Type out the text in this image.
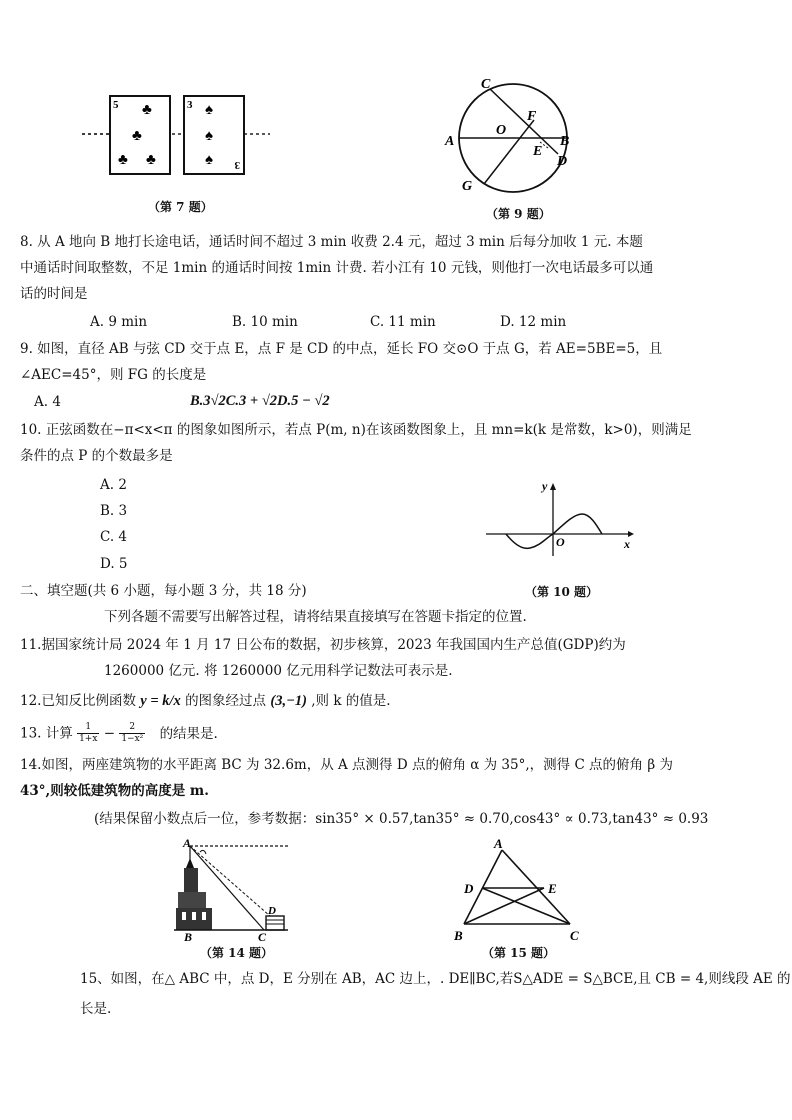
5	3
3
♣
♣
♣ ♣
♠
♠
♠
（第 7 题）
C
O
F
A	B
E
D
G
（第 9 题）
8. 从 A 地向 B 地打长途电话，通话时间不超过 3 min 收费 2.4 元，超过 3 min 后每分加收 1 元. 本题
中通话时间取整数，不足 1min 的通话时间按 1min 计费. 若小江有 10 元钱，则他打一次电话最多可以通
话的时间是
A. 9 min	B. 10 min	C. 11 min	D. 12 min
9. 如图，直径 AB 与弦 CD 交于点 E，点 F 是 CD 的中点，延长 FO 交⊙O 于点 G，若 AE=5BE=5，且
∠AEC=45°，则 FG 的长度是
A. 4	B.3√2C.3 + √2D.5 − √2
10. 正弦函数在−π<x<π 的图象如图所示，若点 P(m, n)在该函数图象上，且 mn=k(k 是常数，k>0)，则满足
条件的点 P 的个数最多是
A. 2
B. 3
C. 4
D. 5
y
O	x
（第 10 题）
二、填空题(共 6 小题，每小题 3 分，共 18 分)
下列各题不需要写出解答过程，请将结果直接填写在答题卡指定的位置.
11.据国家统计局 2024 年 1 月 17 日公布的数据，初步核算，2023 年我国国内生产总值(GDP)约为
1260000 亿元. 将 1260000 亿元用科学记数法可表示是.
12.已知反比例函数 y = k/x 的图象经过点 (3,−1) ,则 k 的值是.
13. 计算 $\frac{1}{1+x} - \frac{2}{\text{1−x²}}$ 的结果是.
14.如图，两座建筑物的水平距离 BC 为 32.6m，从 A 点测得 D 点的俯角 α 为 35°,，测得 C 点的俯角 β 为
43°,则较低建筑物的高度是 m.
(结果保留小数点后一位，参考数据：sin35° × 0.57,tan35° ≈ 0.70,cos43° ∝ 0.73,tan43° ≈ 0.93
A
B	C
D
（第 14 题）
A
D	E
B	C
（第 15 题）
15、如图，在△ ABC 中，点 D，E 分别在 AB，AC 边上，. DE∥BC,若S△ADE = S△BCE,且 CB = 4,则线段 AE 的
长是.
